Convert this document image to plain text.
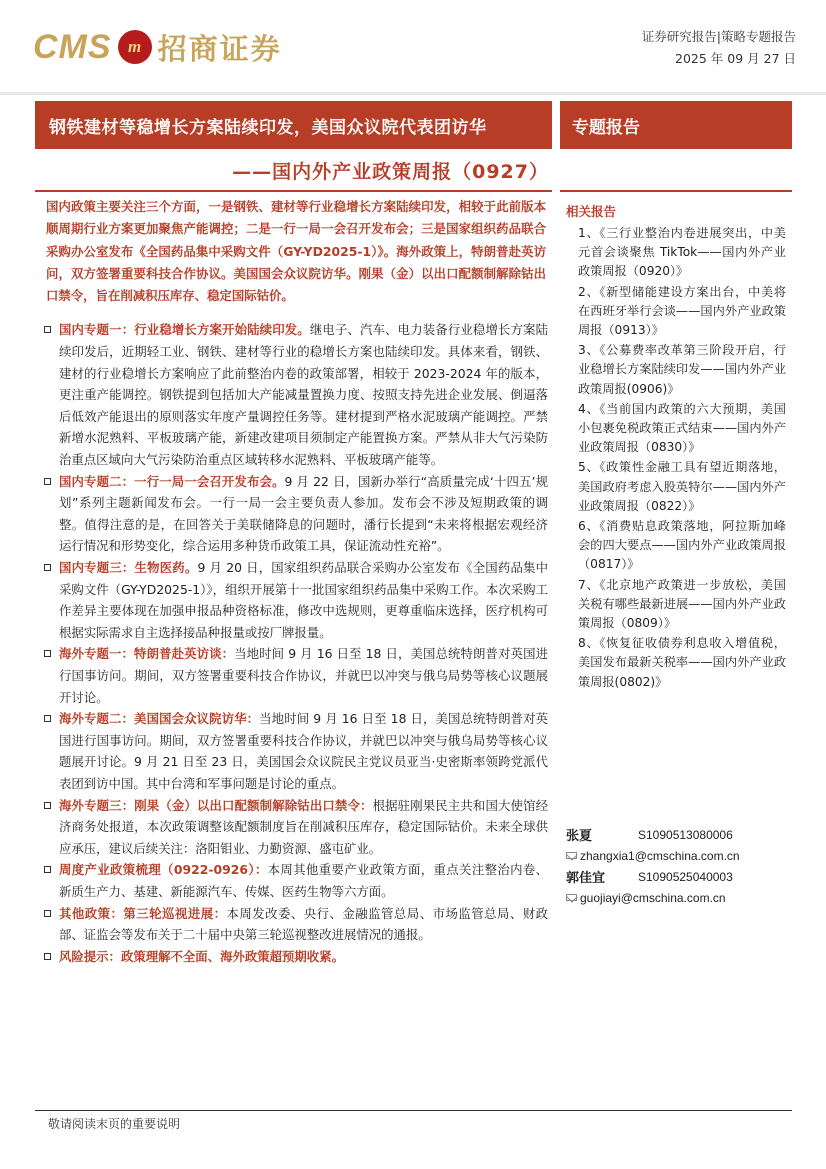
CMS m 招商证券	证券研究报告|策略专题报告
2025 年 09 月 27 日
钢铁建材等稳增长方案陆续印发，美国众议院代表团访华	专题报告
——国内外产业政策周报（0927）
国内政策主要关注三个方面，一是钢铁、建材等行业稳增长方案陆续印发，相较于此前版本顺周期行业方案更加聚焦产能调控；二是一行一局一会召开发布会；三是国家组织药品联合采购办公室发布《全国药品集中采购文件（GY-YD2025-1）》。海外政策上，特朗普赴英访问，双方签署重要科技合作协议。美国国会众议院访华。刚果（金）以出口配额制解除钴出口禁令，旨在削减积压库存、稳定国际钴价。
国内专题一：行业稳增长方案开始陆续印发。继电子、汽车、电力装备行业稳增长方案陆续印发后，近期轻工业、钢铁、建材等行业的稳增长方案也陆续印发。具体来看，钢铁、建材的行业稳增长方案响应了此前整治内卷的政策部署，相较于 2023-2024 年的版本，更注重产能调控。钢铁提到包括加大产能减量置换力度、按照支持先进企业发展、倒逼落后低效产能退出的原则落实年度产量调控任务等。建材提到严格水泥玻璃产能调控。严禁新增水泥熟料、平板玻璃产能，新建改建项目须制定产能置换方案。严禁从非大气污染防治重点区域向大气污染防治重点区域转移水泥熟料、平板玻璃产能等。
国内专题二：一行一局一会召开发布会。9 月 22 日，国新办举行“高质量完成‘十四五’规划”系列主题新闻发布会。一行一局一会主要负责人参加。发布会不涉及短期政策的调整。值得注意的是，在回答关于美联储降息的问题时，潘行长提到“未来将根据宏观经济运行情况和形势变化，综合运用多种货币政策工具，保证流动性充裕”。
国内专题三：生物医药。9 月 20 日，国家组织药品联合采购办公室发布《全国药品集中采购文件（GY-YD2025-1）》，组织开展第十一批国家组织药品集中采购工作。本次采购工作差异主要体现在加强申报品种资格标准，修改中选规则，更尊重临床选择，医疗机构可根据实际需求自主选择接品种报量或按厂牌报量。
海外专题一：特朗普赴英访谈：当地时间 9 月 16 日至 18 日，美国总统特朗普对英国进行国事访问。期间，双方签署重要科技合作协议，并就巴以冲突与俄乌局势等核心议题展开讨论。
海外专题二：美国国会众议院访华：当地时间 9 月 16 日至 18 日，美国总统特朗普对英国进行国事访问。期间，双方签署重要科技合作协议，并就巴以冲突与俄乌局势等核心议题展开讨论。9 月 21 日至 23 日，美国国会众议院民主党议员亚当·史密斯率领跨党派代表团到访中国。其中台湾和军事问题是讨论的重点。
海外专题三：刚果（金）以出口配额制解除钴出口禁令：根据驻刚果民主共和国大使馆经济商务处报道，本次政策调整该配额制度旨在削减积压库存，稳定国际钴价。未来全球供应承压，建议后续关注：洛阳钼业、力勤资源、盛屯矿业。
周度产业政策梳理（0922-0926）：本周其他重要产业政策方面，重点关注整治内卷、新质生产力、基建、新能源汽车、传媒、医药生物等六方面。
其他政策：第三轮巡视进展：本周发改委、央行、金融监管总局、市场监管总局、财政部、证监会等发布关于二十届中央第三轮巡视整改进展情况的通报。
风险提示：政策理解不全面、海外政策超预期收紧。
相关报告
1、《三行业整治内卷进展突出，中美元首会谈聚焦 TikTok——国内外产业政策周报（0920）》
2、《新型储能建设方案出台，中美将在西班牙举行会谈——国内外产业政策周报（0913）》
3、《公募费率改革第三阶段开启，行业稳增长方案陆续印发——国内外产业政策周报(0906)》
4、《当前国内政策的六大预期，美国小包裹免税政策正式结束——国内外产业政策周报（0830）》
5、《政策性金融工具有望近期落地，美国政府考虑入股英特尔——国内外产业政策周报（0822）》
6、《消费贴息政策落地，阿拉斯加峰会的四大要点——国内外产业政策周报（0817）》
7、《北京地产政策进一步放松，美国关税有哪些最新进展——国内外产业政策周报（0809）》
8、《恢复征收债券利息收入增值税，美国发布最新关税率——国内外产业政策周报(0802)》
张夏	S1090513080006
zhangxia1@cmschina.com.cn
郭佳宜	S1090525040003
guojiayi@cmschina.com.cn
敬请阅读末页的重要说明
